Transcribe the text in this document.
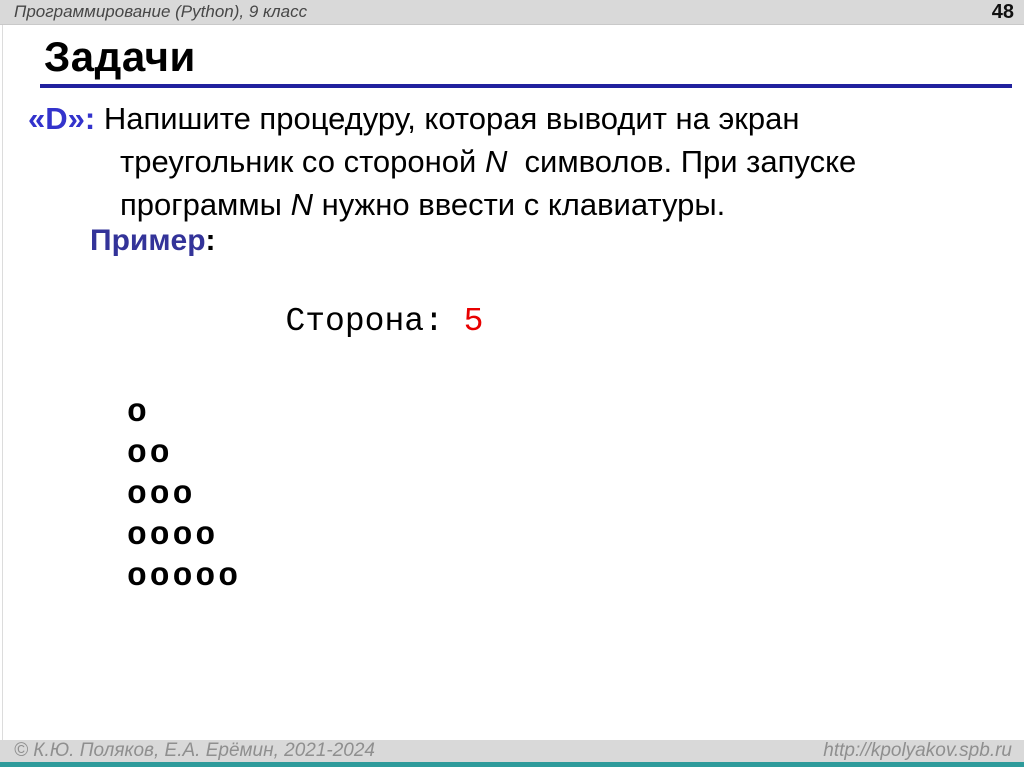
Программирование (Python), 9 класс	48
Задачи
«D»: Напишите процедуру, которая выводит на экран
треугольник со стороной N  символов. При запуске
программы N нужно ввести с клавиатуры.
Пример:

Сторона: 5

o
oo
ooo
oooo
ooooo
© К.Ю. Поляков, Е.А. Ерёмин, 2021-2024	http://kpolyakov.spb.ru
